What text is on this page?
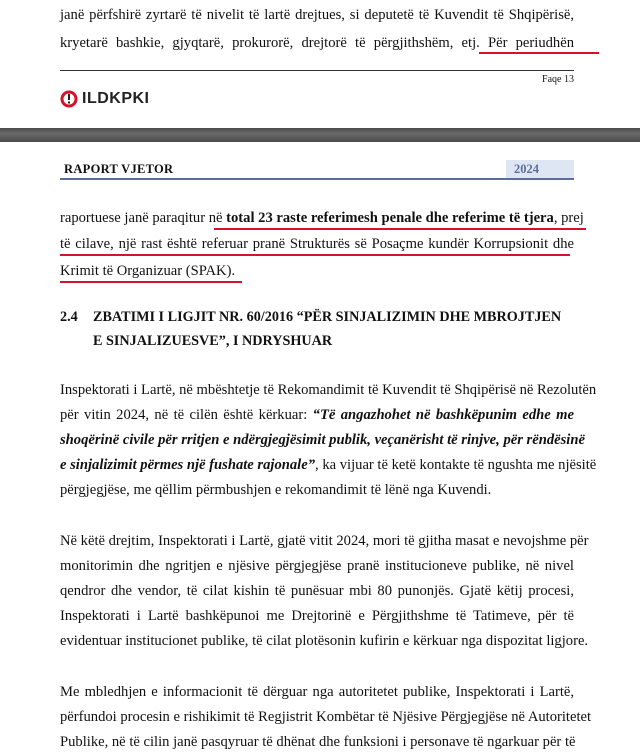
janë përfshirë zyrtarë të nivelit të lartë drejtues, si deputetë të Kuvendit të Shqipërisë,
kryetarë bashkie, gjyqtarë, prokurorë, drejtorë të përgjithshëm, etj. Për periudhën
Faqe 13
ILDKPKI
RAPORT VJETOR	2024
raportuese janë paraqitur në total 23 raste referimesh penale dhe referime të tjera, prej
të cilave, një rast është referuar pranë Strukturës së Posaçme kundër Korrupsionit dhe
Krimit të Organizuar (SPAK).
2.4 ZBATIMI I LIGJIT NR. 60/2016 “PËR SINJALIZIMIN DHE MBROJTJEN
E SINJALIZUESVE”, I NDRYSHUAR
Inspektorati i Lartë, në mbështetje të Rekomandimit të Kuvendit të Shqipërisë në Rezolutën
për vitin 2024, në të cilën është kërkuar: “Të angazhohet në bashkëpunim edhe me
shoqërinë civile për rritjen e ndërgjegjësimit publik, veçanërisht të rinjve, për rëndësinë
e sinjalizimit përmes një fushate rajonale”, ka vijuar të ketë kontakte të ngushta me njësitë
përgjegjëse, me qëllim përmbushjen e rekomandimit të lënë nga Kuvendi.
Në këtë drejtim, Inspektorati i Lartë, gjatë vitit 2024, mori të gjitha masat e nevojshme për
monitorimin dhe ngritjen e njësive përgjegjëse pranë institucioneve publike, në nivel
qendror dhe vendor, të cilat kishin të punësuar mbi 80 punonjës. Gjatë këtij procesi,
Inspektorati i Lartë bashkëpunoi me Drejtorinë e Përgjithshme të Tatimeve, për të
evidentuar institucionet publike, të cilat plotësonin kufirin e kërkuar nga dispozitat ligjore.
Me mbledhjen e informacionit të dërguar nga autoritetet publike, Inspektorati i Lartë,
përfundoi procesin e rishikimit të Regjistrit Kombëtar të Njësive Përgjegjëse në Autoritetet
Publike, në të cilin janë pasqyruar të dhënat dhe funksioni i personave të ngarkuar për të
